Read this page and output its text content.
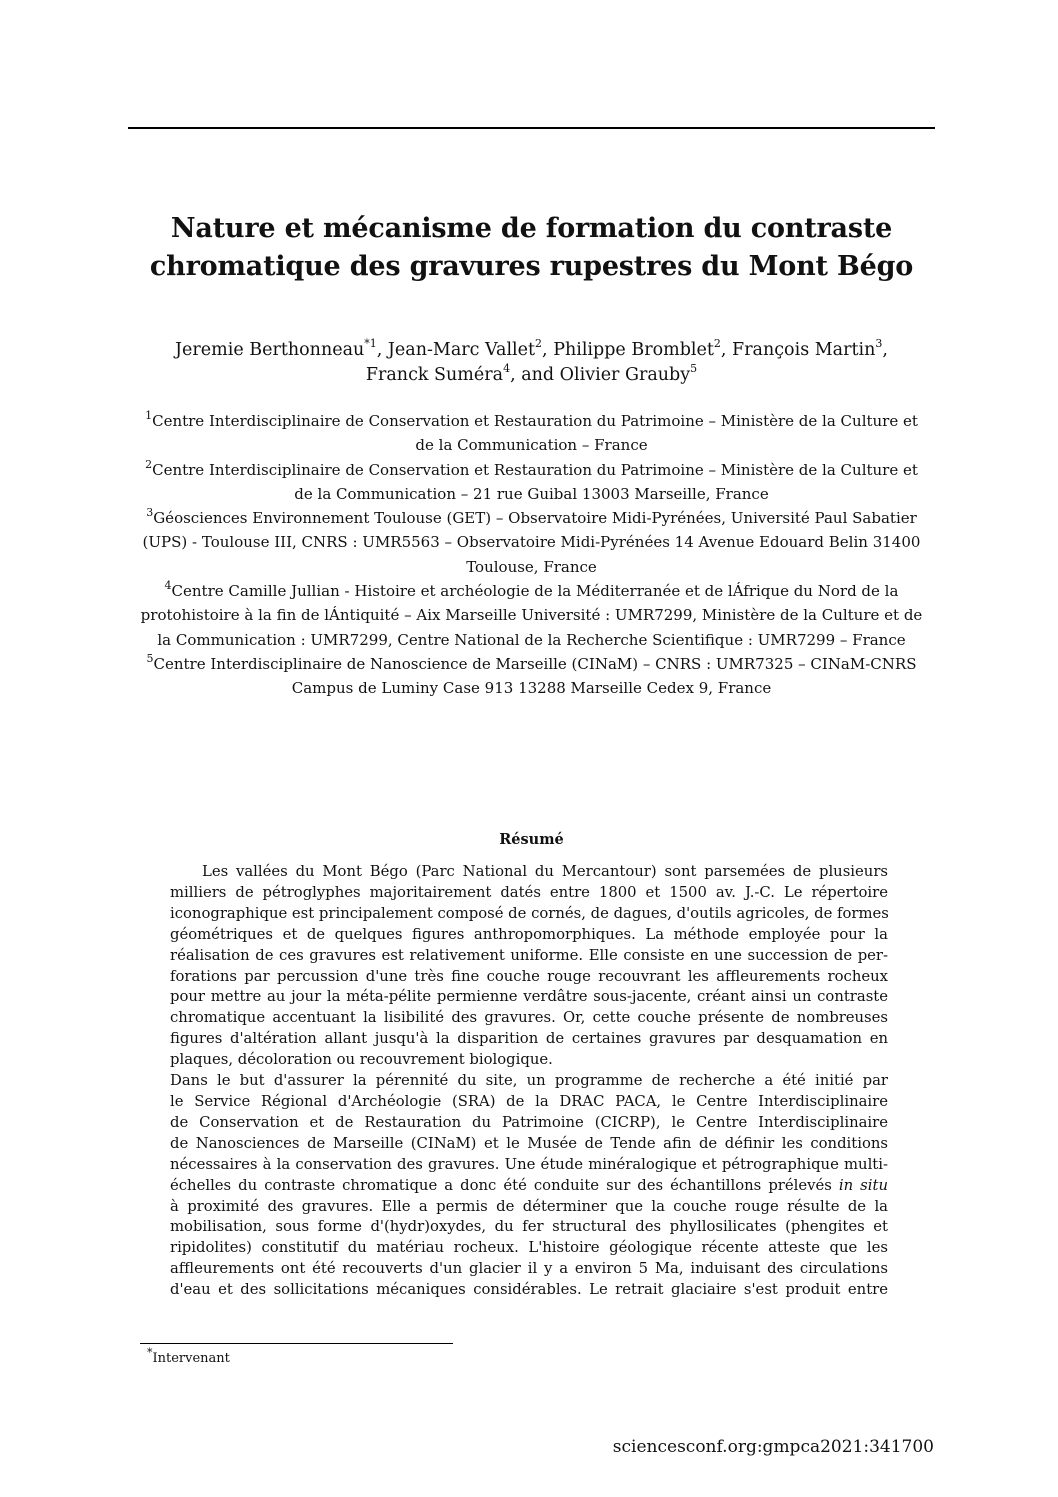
Nature et mécanisme de formation du contraste
chromatique des gravures rupestres du Mont Bégo

Jeremie Berthonneau$^{*1}$, Jean-Marc Vallet$^2$, Philippe Bromblet$^2$, François Martin$^3$,
Franck Suméra$^4$, and Olivier Grauby$^5$

$^1$Centre Interdisciplinaire de Conservation et Restauration du Patrimoine – Ministère de la Culture et
de la Communication – France
$^2$Centre Interdisciplinaire de Conservation et Restauration du Patrimoine – Ministère de la Culture et
de la Communication – 21 rue Guibal 13003 Marseille, France
$^3$Géosciences Environnement Toulouse (GET) – Observatoire Midi-Pyrénées, Université Paul Sabatier
(UPS) - Toulouse III, CNRS : UMR5563 – Observatoire Midi-Pyrénées 14 Avenue Edouard Belin 31400
Toulouse, France
$^4$Centre Camille Jullian - Histoire et archéologie de la Méditerranée et de lÁfrique du Nord de la
protohistoire à la fin de lÁntiquité – Aix Marseille Université : UMR7299, Ministère de la Culture et de
la Communication : UMR7299, Centre National de la Recherche Scientifique : UMR7299 – France
$^5$Centre Interdisciplinaire de Nanoscience de Marseille (CINaM) – CNRS : UMR7325 – CINaM-CNRS
Campus de Luminy Case 913 13288 Marseille Cedex 9, France
Résumé
Les vallées du Mont Bégo (Parc National du Mercantour) sont parsemées de plusieurs
milliers de pétroglyphes majoritairement datés entre 1800 et 1500 av. J.-C. Le répertoire
iconographique est principalement composé de cornés, de dagues, d'outils agricoles, de formes
géométriques et de quelques figures anthropomorphiques. La méthode employée pour la
réalisation de ces gravures est relativement uniforme. Elle consiste en une succession de per-
forations par percussion d'une très fine couche rouge recouvrant les affleurements rocheux
pour mettre au jour la méta-pélite permienne verdâtre sous-jacente, créant ainsi un contraste
chromatique accentuant la lisibilité des gravures. Or, cette couche présente de nombreuses
figures d'altération allant jusqu'à la disparition de certaines gravures par desquamation en
plaques, décoloration ou recouvrement biologique.
Dans le but d'assurer la pérennité du site, un programme de recherche a été initié par
le Service Régional d'Archéologie (SRA) de la DRAC PACA, le Centre Interdisciplinaire
de Conservation et de Restauration du Patrimoine (CICRP), le Centre Interdisciplinaire
de Nanosciences de Marseille (CINaM) et le Musée de Tende afin de définir les conditions
nécessaires à la conservation des gravures. Une étude minéralogique et pétrographique multi-
échelles du contraste chromatique a donc été conduite sur des échantillons prélevés in situ
à proximité des gravures. Elle a permis de déterminer que la couche rouge résulte de la
mobilisation, sous forme d'(hydr)oxydes, du fer structural des phyllosilicates (phengites et
ripidolites) constitutif du matériau rocheux. L'histoire géologique récente atteste que les
affleurements ont été recouverts d'un glacier il y a environ 5 Ma, induisant des circulations
d'eau et des sollicitations mécaniques considérables. Le retrait glaciaire s'est produit entre
*Intervenant
sciencesconf.org:gmpca2021:341700
